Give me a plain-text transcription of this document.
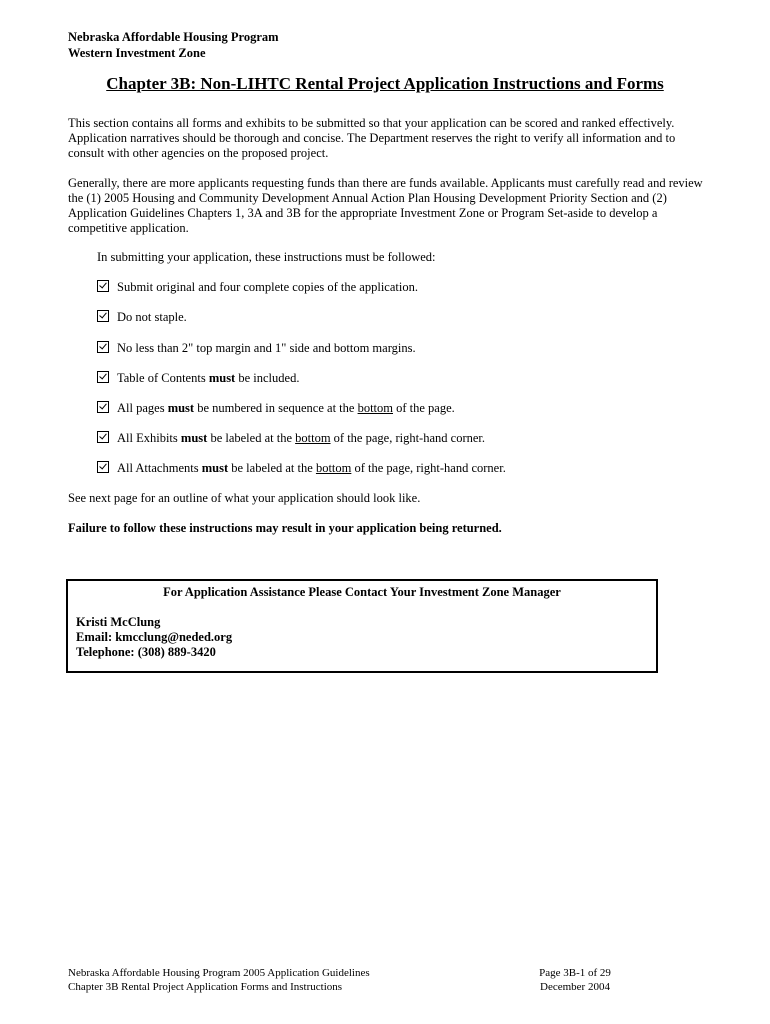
Nebraska Affordable Housing Program
Western Investment Zone
Chapter 3B: Non-LIHTC Rental Project Application Instructions and Forms
This section contains all forms and exhibits to be submitted so that your application can be scored and ranked effectively. Application narratives should be thorough and concise. The Department reserves the right to verify all information and to consult with other agencies on the proposed project.
Generally, there are more applicants requesting funds than there are funds available. Applicants must carefully read and review the (1) 2005 Housing and Community Development Annual Action Plan Housing Development Priority Section and (2) Application Guidelines Chapters 1, 3A and 3B for the appropriate Investment Zone or Program Set-aside to develop a competitive application.
In submitting your application, these instructions must be followed:
Submit original and four complete copies of the application.
Do not staple.
No less than 2" top margin and 1" side and bottom margins.
Table of Contents must be included.
All pages must be numbered in sequence at the bottom of the page.
All Exhibits must be labeled at the bottom of the page, right-hand corner.
All Attachments must be labeled at the bottom of the page, right-hand corner.
See next page for an outline of what your application should look like.
Failure to follow these instructions may result in your application being returned.
For Application Assistance Please Contact Your Investment Zone Manager
Kristi McClung
Email: kmcclung@neded.org
Telephone: (308) 889-3420
Nebraska Affordable Housing Program 2005 Application Guidelines
Chapter 3B Rental Project Application Forms and Instructions
Page 3B-1 of 29
December 2004
